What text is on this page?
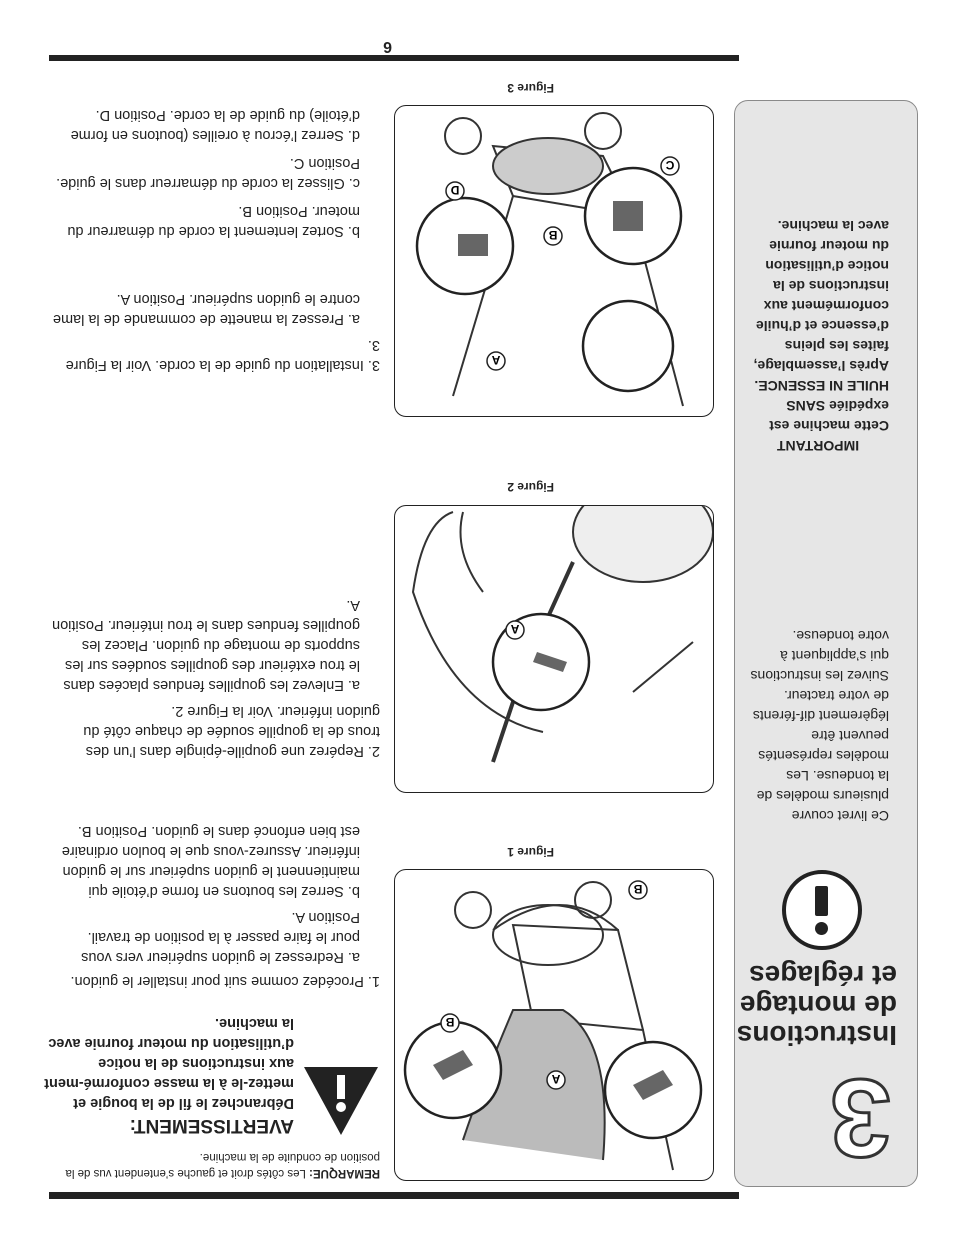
6
3
Instructions de montage et réglages
Ce livret couvre plusieurs modèles de la tondeuse. Les modèles représentés peuvent être légèrement dif-férents de votre tracteur. Suivez les instructions qui s’appliquent à votre tondeuse.
IMPORTANT
Cette machine est expédiée SANS HUILE NI ESSENCE. Après l’assemblage, faites les pleins d’essence et d’huile conformément aux instructions de la notice d’utilisation du moteur fournie avec la machine.
A
B
B
Figure 1
A
Figure 2
A
B
C
D
Figure 3
REMARQUE: Les côtés droit et gauche s’entendent vus de la position de conduite de la machine.
AVERTISSEMENT:
Débranchez le fil de la bougie et mettez-le à la masse conformé-ment aux instructions de la notice d’utilisation du moteur fournie avec la machine.
1. Procédez comme suit pour installer le guidon.
a. Redressez le guidon supérieur vers vous pour le faire passer à la position de travail. Position A.
b. Serrez les boutons en forme d’étoile qui maintiennent le guidon supérieur sur le guidon inférieur. Assurez-vous que le boulon ordinaire est bien enfoncé dans le guidon. Position B.
2. Repérez une goupille-épingle dans l’un des trous de la goupille soudée de chaque côté du guidon inférieur. Voir la Figure 2.
a. Enlevez les goupilles fendues placées dans le trou extérieur des goupilles soudées sur les supports de montage du guidon. Placez les goupilles fendues dans le trou intérieur. Position A.
3. Installation du guide de la corde. Voir la Figure 3.
a. Pressez la manette de commande de la lame contre le guidon supérieur. Position A.
b. Sortez lentement la corde du démarreur du moteur. Position B.
c. Glissez la corde du démarreur dans le guide. Position C.
d. Serrez l’écrou à oreilles (boutons en forme d’étoile) du guide de la corde. Position D.
